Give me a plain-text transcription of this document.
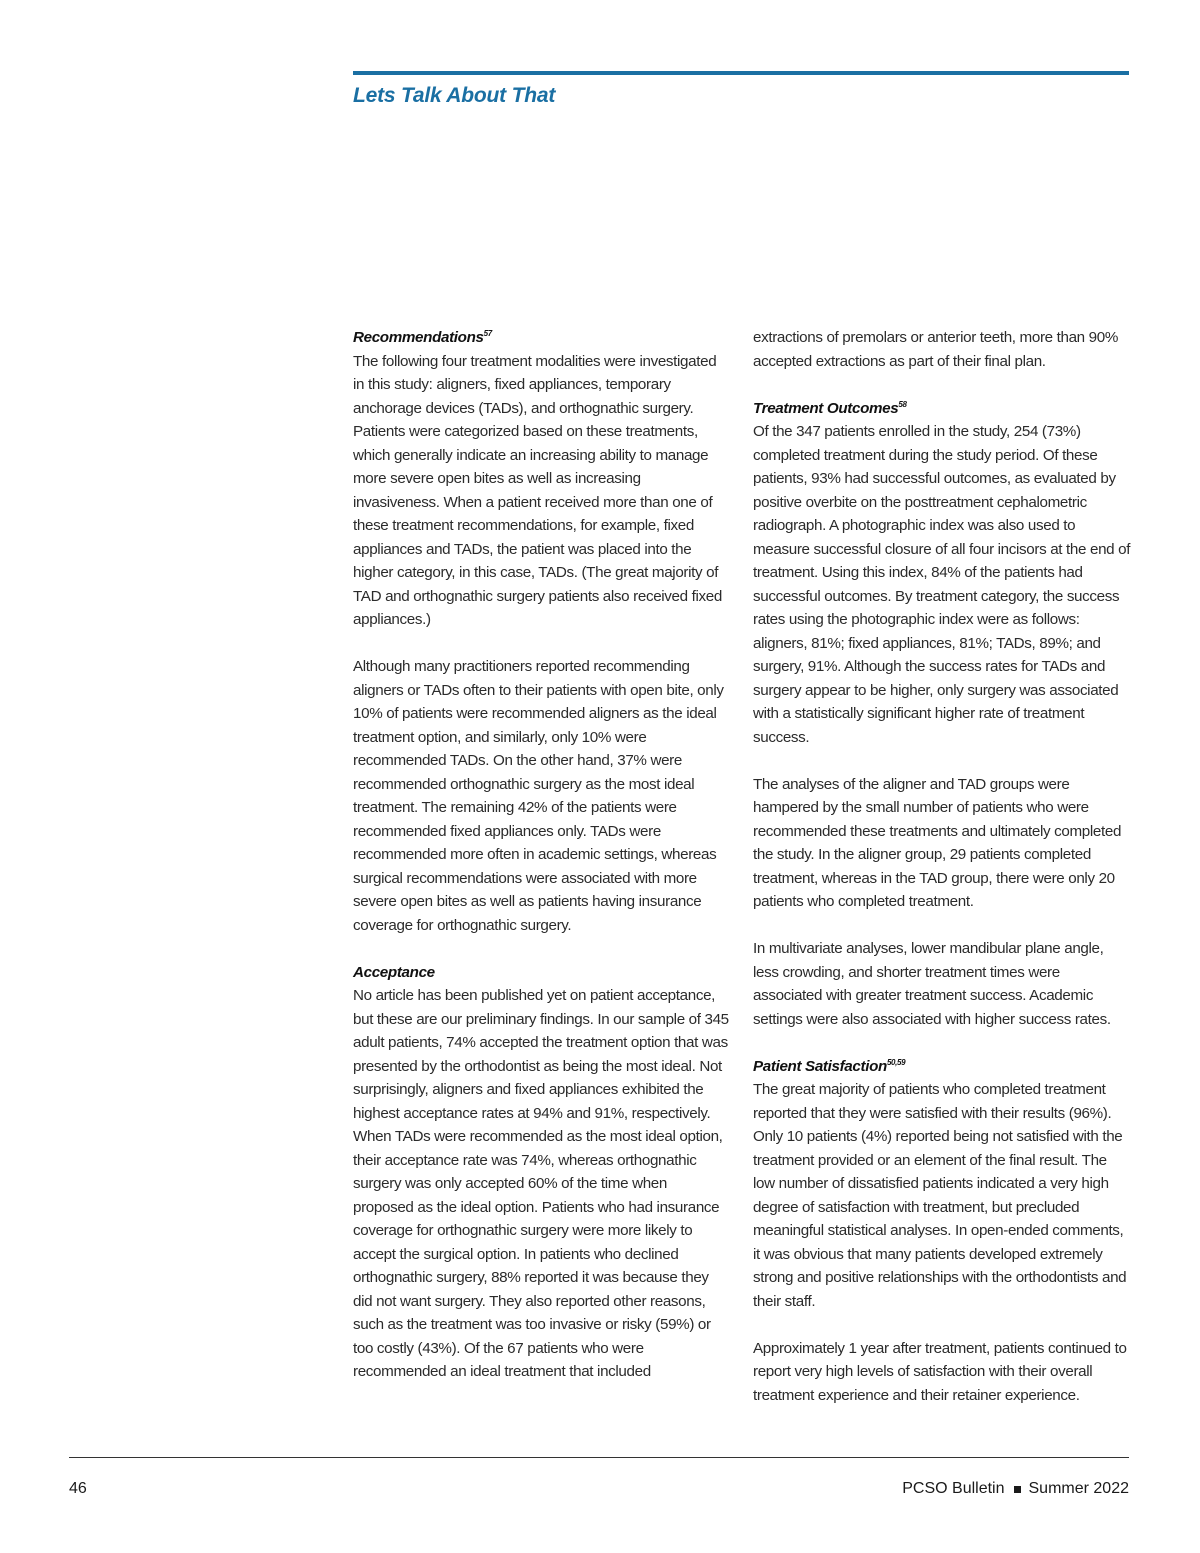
Lets Talk About That
Recommendations$^{57}$

The following four treatment modalities were investigated in this study: aligners, fixed appliances, temporary anchorage devices (TADs), and orthognathic surgery. Patients were categorized based on these treatments, which generally indicate an increasing ability to manage more severe open bites as well as increasing invasiveness. When a patient received more than one of these treatment recommendations, for example, fixed appliances and TADs, the patient was placed into the higher category, in this case, TADs. (The great majority of TAD and orthognathic surgery patients also received fixed appliances.)

Although many practitioners reported recommending aligners or TADs often to their patients with open bite, only 10% of patients were recommended aligners as the ideal treatment option, and similarly, only 10% were recommended TADs. On the other hand, 37% were recommended orthognathic surgery as the most ideal treatment. The remaining 42% of the patients were recommended fixed appliances only. TADs were recommended more often in academic settings, whereas surgical recommendations were associated with more severe open bites as well as patients having insurance coverage for orthognathic surgery.

Acceptance

No article has been published yet on patient acceptance, but these are our preliminary findings. In our sample of 345 adult patients, 74% accepted the treatment option that was presented by the orthodontist as being the most ideal. Not surprisingly, aligners and fixed appliances exhibited the highest acceptance rates at 94% and 91%, respectively. When TADs were recommended as the most ideal option, their acceptance rate was 74%, whereas orthognathic surgery was only accepted 60% of the time when proposed as the ideal option. Patients who had insurance coverage for orthognathic surgery were more likely to accept the surgical option. In patients who declined orthognathic surgery, 88% reported it was because they did not want surgery. They also reported other reasons, such as the treatment was too invasive or risky (59%) or too costly (43%). Of the 67 patients who were recommended an ideal treatment that included

extractions of premolars or anterior teeth, more than 90% accepted extractions as part of their final plan.

Treatment Outcomes$^{58}$

Of the 347 patients enrolled in the study, 254 (73%) completed treatment during the study period. Of these patients, 93% had successful outcomes, as evaluated by positive overbite on the posttreatment cephalometric radiograph. A photographic index was also used to measure successful closure of all four incisors at the end of treatment. Using this index, 84% of the patients had successful outcomes. By treatment category, the success rates using the photographic index were as follows: aligners, 81%; fixed appliances, 81%; TADs, 89%; and surgery, 91%. Although the success rates for TADs and surgery appear to be higher, only surgery was associated with a statistically significant higher rate of treatment success.

The analyses of the aligner and TAD groups were hampered by the small number of patients who were recommended these treatments and ultimately completed the study. In the aligner group, 29 patients completed treatment, whereas in the TAD group, there were only 20 patients who completed treatment.

In multivariate analyses, lower mandibular plane angle, less crowding, and shorter treatment times were associated with greater treatment success. Academic settings were also associated with higher success rates.

Patient Satisfaction$^{50,59}$

The great majority of patients who completed treatment reported that they were satisfied with their results (96%). Only 10 patients (4%) reported being not satisfied with the treatment provided or an element of the final result. The low number of dissatisfied patients indicated a very high degree of satisfaction with treatment, but precluded meaningful statistical analyses. In open-ended comments, it was obvious that many patients developed extremely strong and positive relationships with the orthodontists and their staff.

Approximately 1 year after treatment, patients continued to report very high levels of satisfaction with their overall treatment experience and their retainer experience.

46	PCSO Bulletin Summer 2022
